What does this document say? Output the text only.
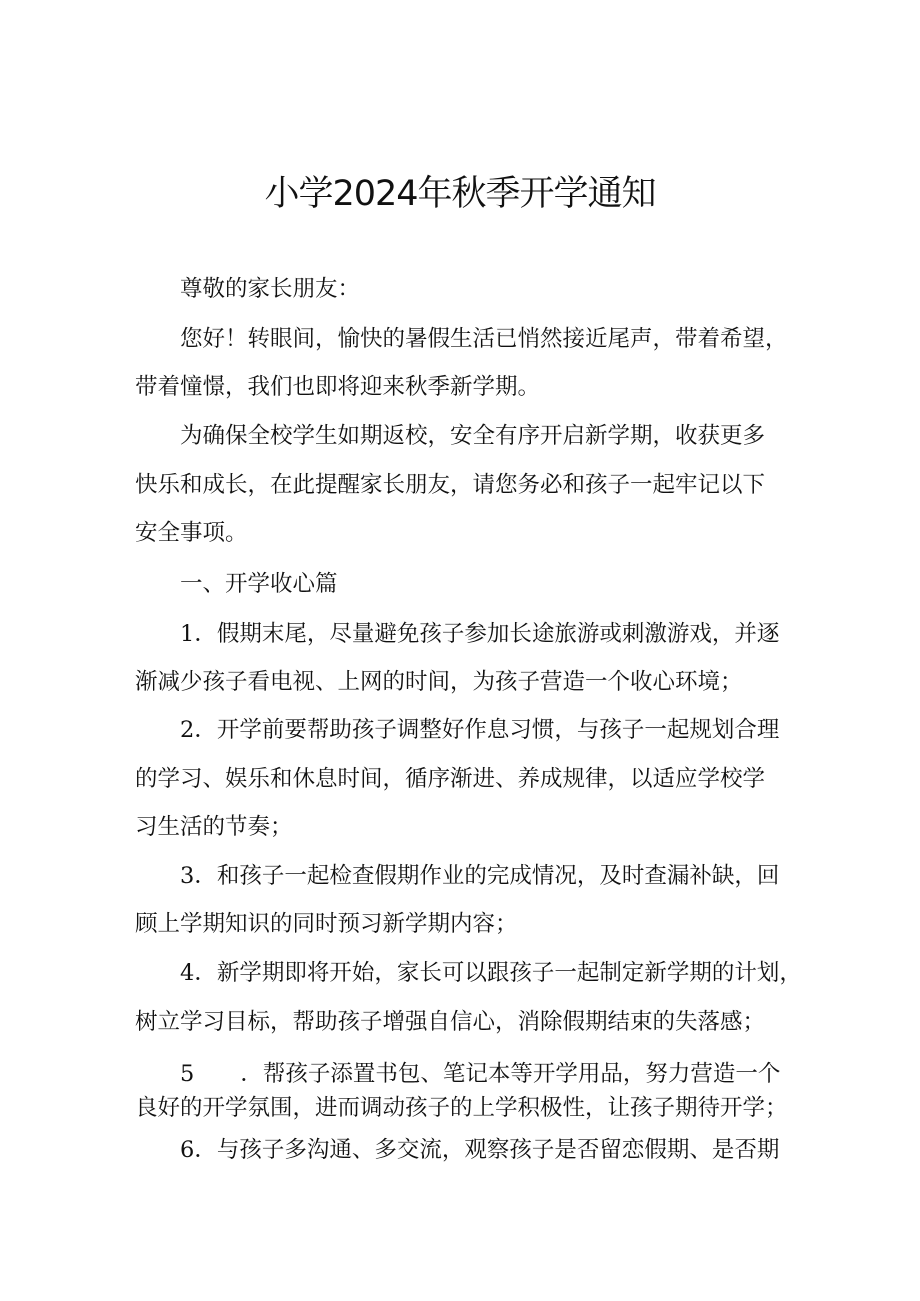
小学2024年秋季开学通知
尊敬的家长朋友：
您好！转眼间，愉快的暑假生活已悄然接近尾声，带着希望，
带着憧憬，我们也即将迎来秋季新学期。
为确保全校学生如期返校，安全有序开启新学期，收获更多
快乐和成长，在此提醒家长朋友，请您务必和孩子一起牢记以下
安全事项。
一、开学收心篇
1．假期末尾，尽量避免孩子参加长途旅游或刺激游戏，并逐
渐减少孩子看电视、上网的时间，为孩子营造一个收心环境；
2．开学前要帮助孩子调整好作息习惯，与孩子一起规划合理
的学习、娱乐和休息时间，循序渐进、养成规律，以适应学校学
习生活的节奏；
3．和孩子一起检查假期作业的完成情况，及时查漏补缺，回
顾上学期知识的同时预习新学期内容；
4．新学期即将开始，家长可以跟孩子一起制定新学期的计划，
树立学习目标，帮助孩子增强自信心，消除假期结束的失落感；
5 ．帮孩子添置书包、笔记本等开学用品，努力营造一个
良好的开学氛围，进而调动孩子的上学积极性，让孩子期待开学；
6．与孩子多沟通、多交流，观察孩子是否留恋假期、是否期
